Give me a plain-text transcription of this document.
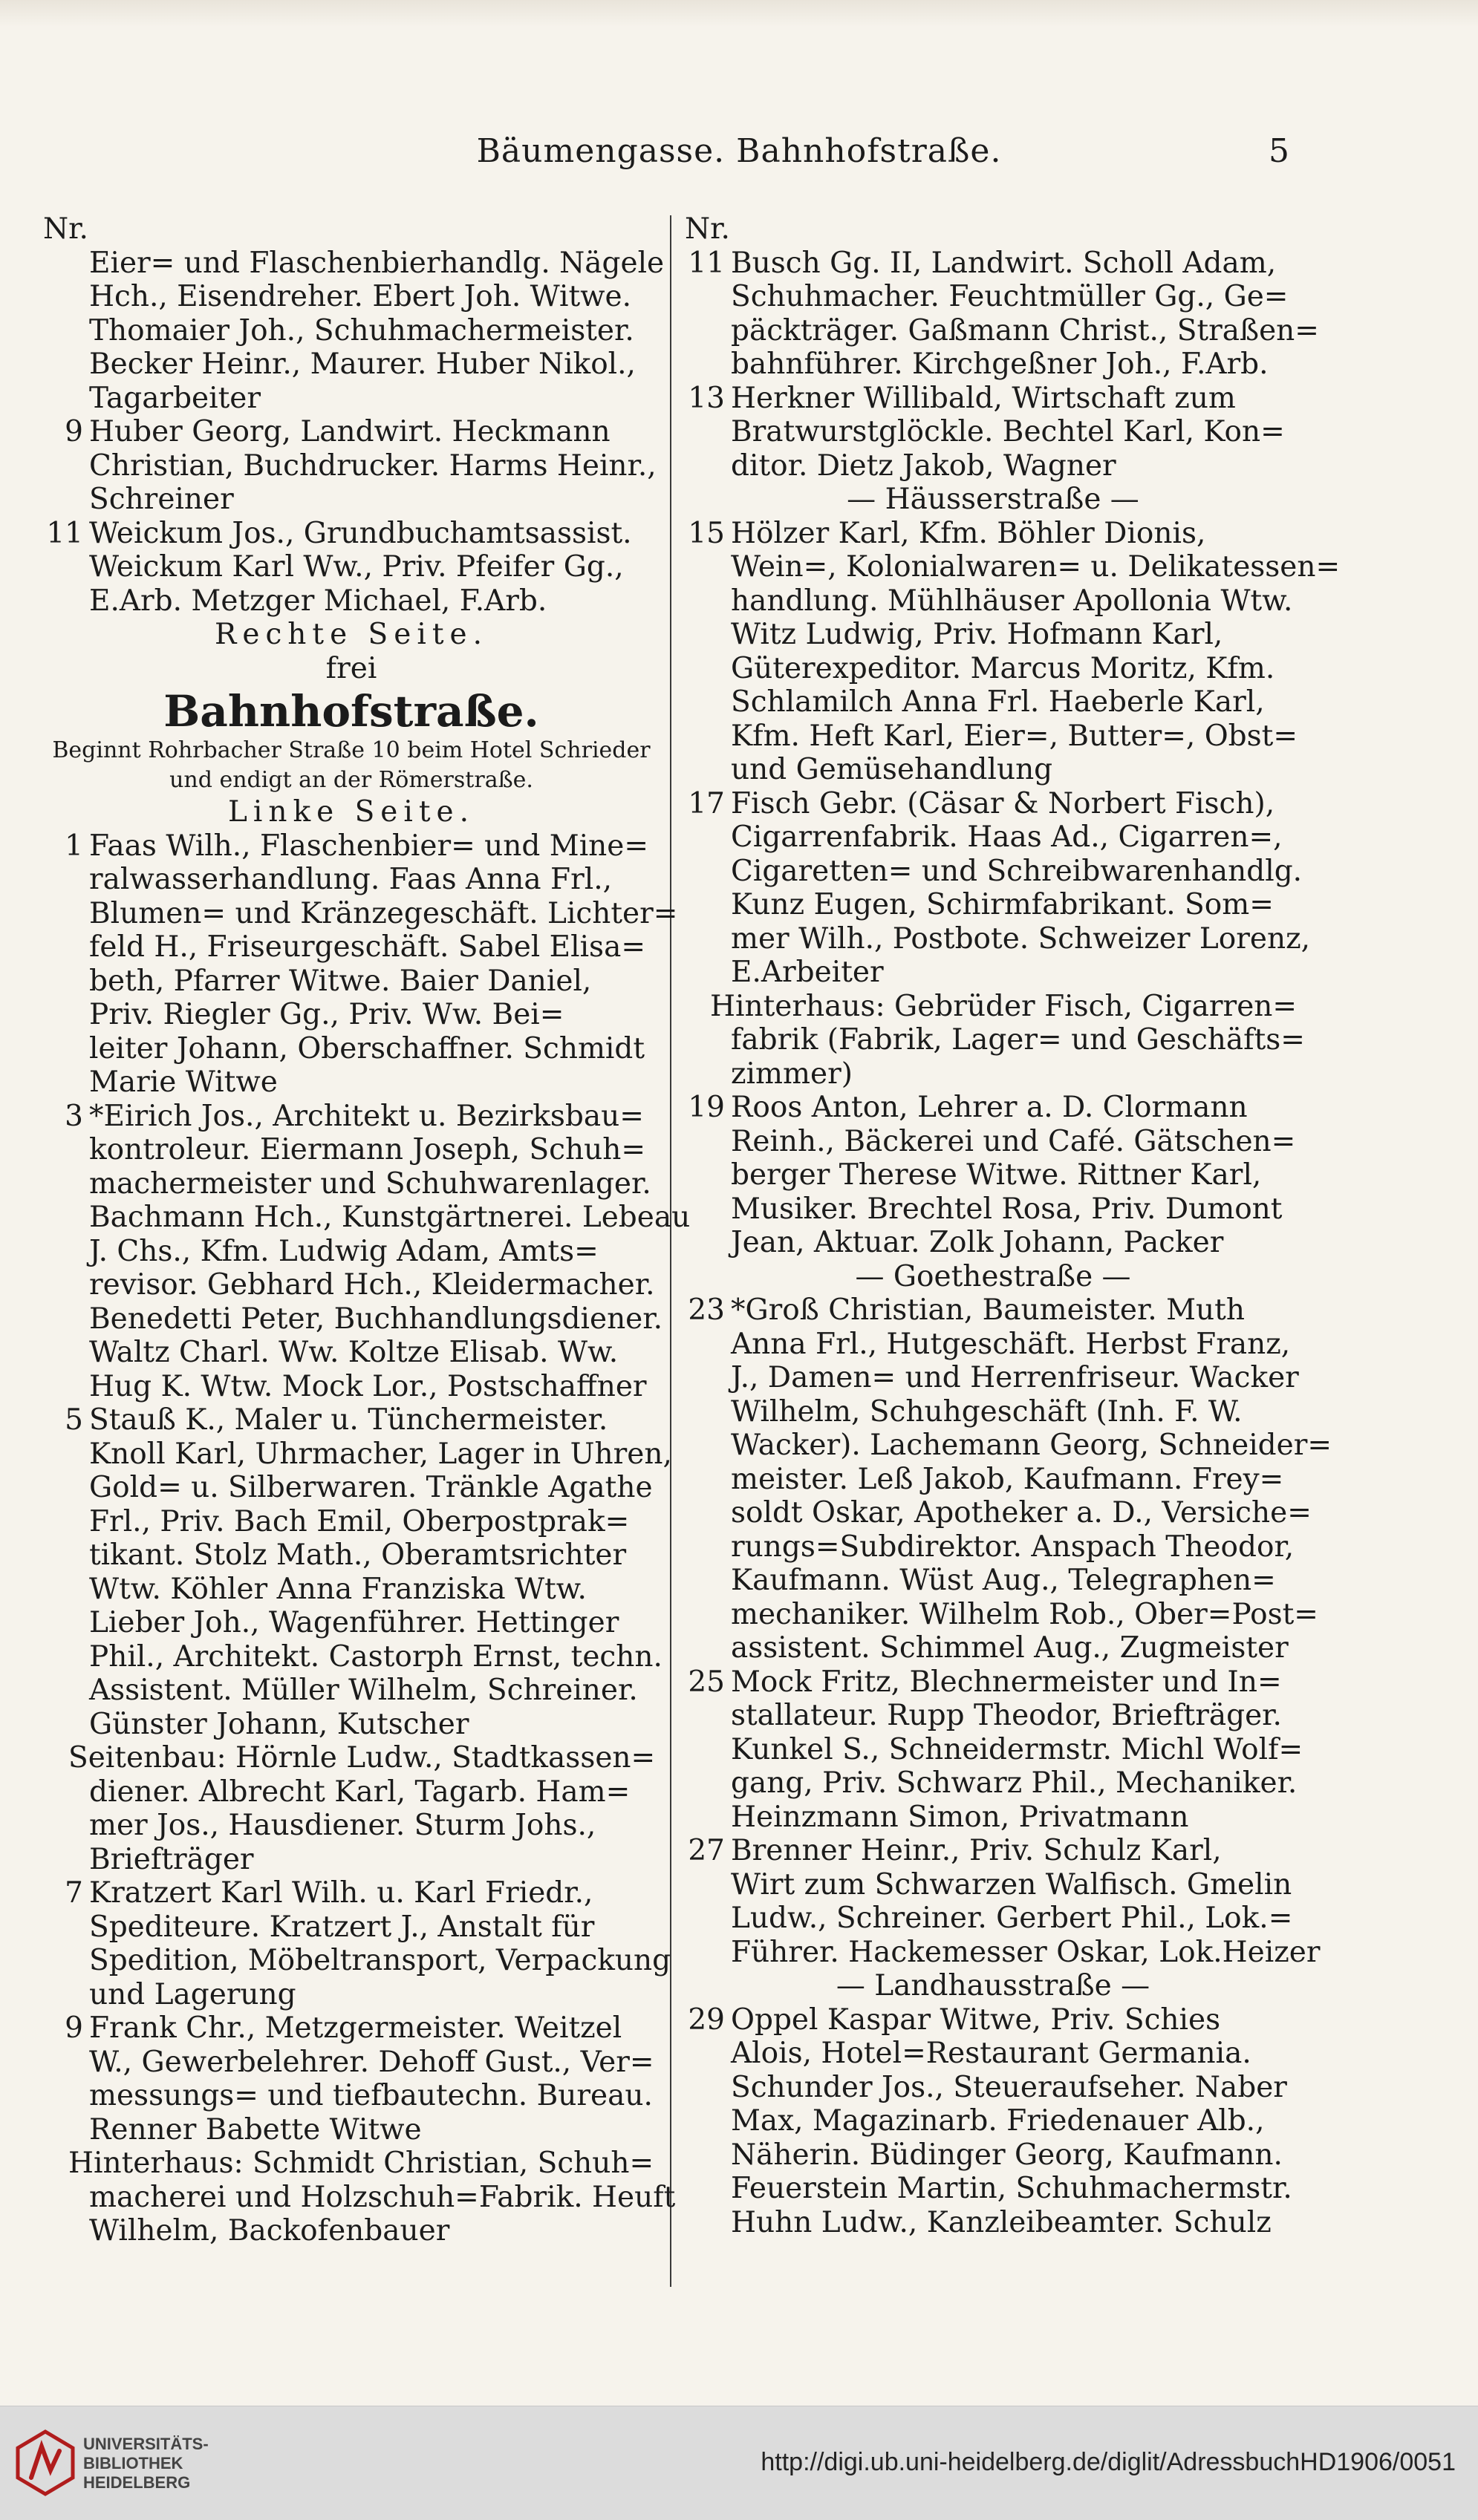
Bäumengasse. Bahnhofstraße.	5
Nr.
Eier= und Flaschenbierhandlg. Nägele
Hch., Eisendreher. Ebert Joh. Witwe.
Thomaier Joh., Schuhmachermeister.
Becker Heinr., Maurer. Huber Nikol.,
Tagarbeiter
9 Huber Georg, Landwirt. Heckmann
Christian, Buchdrucker. Harms Heinr.,
Schreiner
11 Weickum Jos., Grundbuchamtsassist.
Weickum Karl Ww., Priv. Pfeifer Gg.,
E.Arb. Metzger Michael, F.Arb.
Rechte Seite.
frei
Bahnhofstraße.
Beginnt Rohrbacher Straße 10 beim Hotel Schrieder
und endigt an der Römerstraße.
Linke Seite.
1 Faas Wilh., Flaschenbier= und Mine=
ralwasserhandlung. Faas Anna Frl.,
Blumen= und Kränzegeschäft. Lichter=
feld H., Friseurgeschäft. Sabel Elisa=
beth, Pfarrer Witwe. Baier Daniel,
Priv. Riegler Gg., Priv. Ww. Bei=
leiter Johann, Oberschaffner. Schmidt
Marie Witwe
3 *Eirich Jos., Architekt u. Bezirksbau=
kontroleur. Eiermann Joseph, Schuh=
machermeister und Schuhwarenlager.
Bachmann Hch., Kunstgärtnerei. Lebeau
J. Chs., Kfm. Ludwig Adam, Amts=
revisor. Gebhard Hch., Kleidermacher.
Benedetti Peter, Buchhandlungsdiener.
Waltz Charl. Ww. Koltze Elisab. Ww.
Hug K. Wtw. Mock Lor., Postschaffner
5 Stauß K., Maler u. Tünchermeister.
Knoll Karl, Uhrmacher, Lager in Uhren,
Gold= u. Silberwaren. Tränkle Agathe
Frl., Priv. Bach Emil, Oberpostprak=
tikant. Stolz Math., Oberamtsrichter
Wtw. Köhler Anna Franziska Wtw.
Lieber Joh., Wagenführer. Hettinger
Phil., Architekt. Castorph Ernst, techn.
Assistent. Müller Wilhelm, Schreiner.
Günster Johann, Kutscher
Seitenbau: Hörnle Ludw., Stadtkassen=
diener. Albrecht Karl, Tagarb. Ham=
mer Jos., Hausdiener. Sturm Johs.,
Briefträger
7 Kratzert Karl Wilh. u. Karl Friedr.,
Spediteure. Kratzert J., Anstalt für
Spedition, Möbeltransport, Verpackung
und Lagerung
9 Frank Chr., Metzgermeister. Weitzel
W., Gewerbelehrer. Dehoff Gust., Ver=
messungs= und tiefbautechn. Bureau.
Renner Babette Witwe
Hinterhaus: Schmidt Christian, Schuh=
macherei und Holzschuh=Fabrik. Heuft
Wilhelm, Backofenbauer
Nr.
11 Busch Gg. II, Landwirt. Scholl Adam,
Schuhmacher. Feuchtmüller Gg., Ge=
päckträger. Gaßmann Christ., Straßen=
bahnführer. Kirchgeßner Joh., F.Arb.
13 Herkner Willibald, Wirtschaft zum
Bratwurstglöckle. Bechtel Karl, Kon=
ditor. Dietz Jakob, Wagner
— Häusserstraße —
15 Hölzer Karl, Kfm. Böhler Dionis,
Wein=, Kolonialwaren= u. Delikatessen=
handlung. Mühlhäuser Apollonia Wtw.
Witz Ludwig, Priv. Hofmann Karl,
Güterexpeditor. Marcus Moritz, Kfm.
Schlamilch Anna Frl. Haeberle Karl,
Kfm. Heft Karl, Eier=, Butter=, Obst=
und Gemüsehandlung
17 Fisch Gebr. (Cäsar & Norbert Fisch),
Cigarrenfabrik. Haas Ad., Cigarren=,
Cigaretten= und Schreibwarenhandlg.
Kunz Eugen, Schirmfabrikant. Som=
mer Wilh., Postbote. Schweizer Lorenz,
E.Arbeiter
Hinterhaus: Gebrüder Fisch, Cigarren=
fabrik (Fabrik, Lager= und Geschäfts=
zimmer)
19 Roos Anton, Lehrer a. D. Clormann
Reinh., Bäckerei und Café. Gätschen=
berger Therese Witwe. Rittner Karl,
Musiker. Brechtel Rosa, Priv. Dumont
Jean, Aktuar. Zolk Johann, Packer
— Goethestraße —
23 *Groß Christian, Baumeister. Muth
Anna Frl., Hutgeschäft. Herbst Franz,
J., Damen= und Herrenfriseur. Wacker
Wilhelm, Schuhgeschäft (Inh. F. W.
Wacker). Lachemann Georg, Schneider=
meister. Leß Jakob, Kaufmann. Frey=
soldt Oskar, Apotheker a. D., Versiche=
rungs=Subdirektor. Anspach Theodor,
Kaufmann. Wüst Aug., Telegraphen=
mechaniker. Wilhelm Rob., Ober=Post=
assistent. Schimmel Aug., Zugmeister
25 Mock Fritz, Blechnermeister und In=
stallateur. Rupp Theodor, Briefträger.
Kunkel S., Schneidermstr. Michl Wolf=
gang, Priv. Schwarz Phil., Mechaniker.
Heinzmann Simon, Privatmann
27 Brenner Heinr., Priv. Schulz Karl,
Wirt zum Schwarzen Walfisch. Gmelin
Ludw., Schreiner. Gerbert Phil., Lok.=
Führer. Hackemesser Oskar, Lok.Heizer
— Landhausstraße —
29 Oppel Kaspar Witwe, Priv. Schies
Alois, Hotel=Restaurant Germania.
Schunder Jos., Steueraufseher. Naber
Max, Magazinarb. Friedenauer Alb.,
Näherin. Büdinger Georg, Kaufmann.
Feuerstein Martin, Schuhmachermstr.
Huhn Ludw., Kanzleibeamter. Schulz
UNIVERSITÄTS-
BIBLIOTHEK
HEIDELBERG
http://digi.ub.uni-heidelberg.de/diglit/AdressbuchHD1906/0051
